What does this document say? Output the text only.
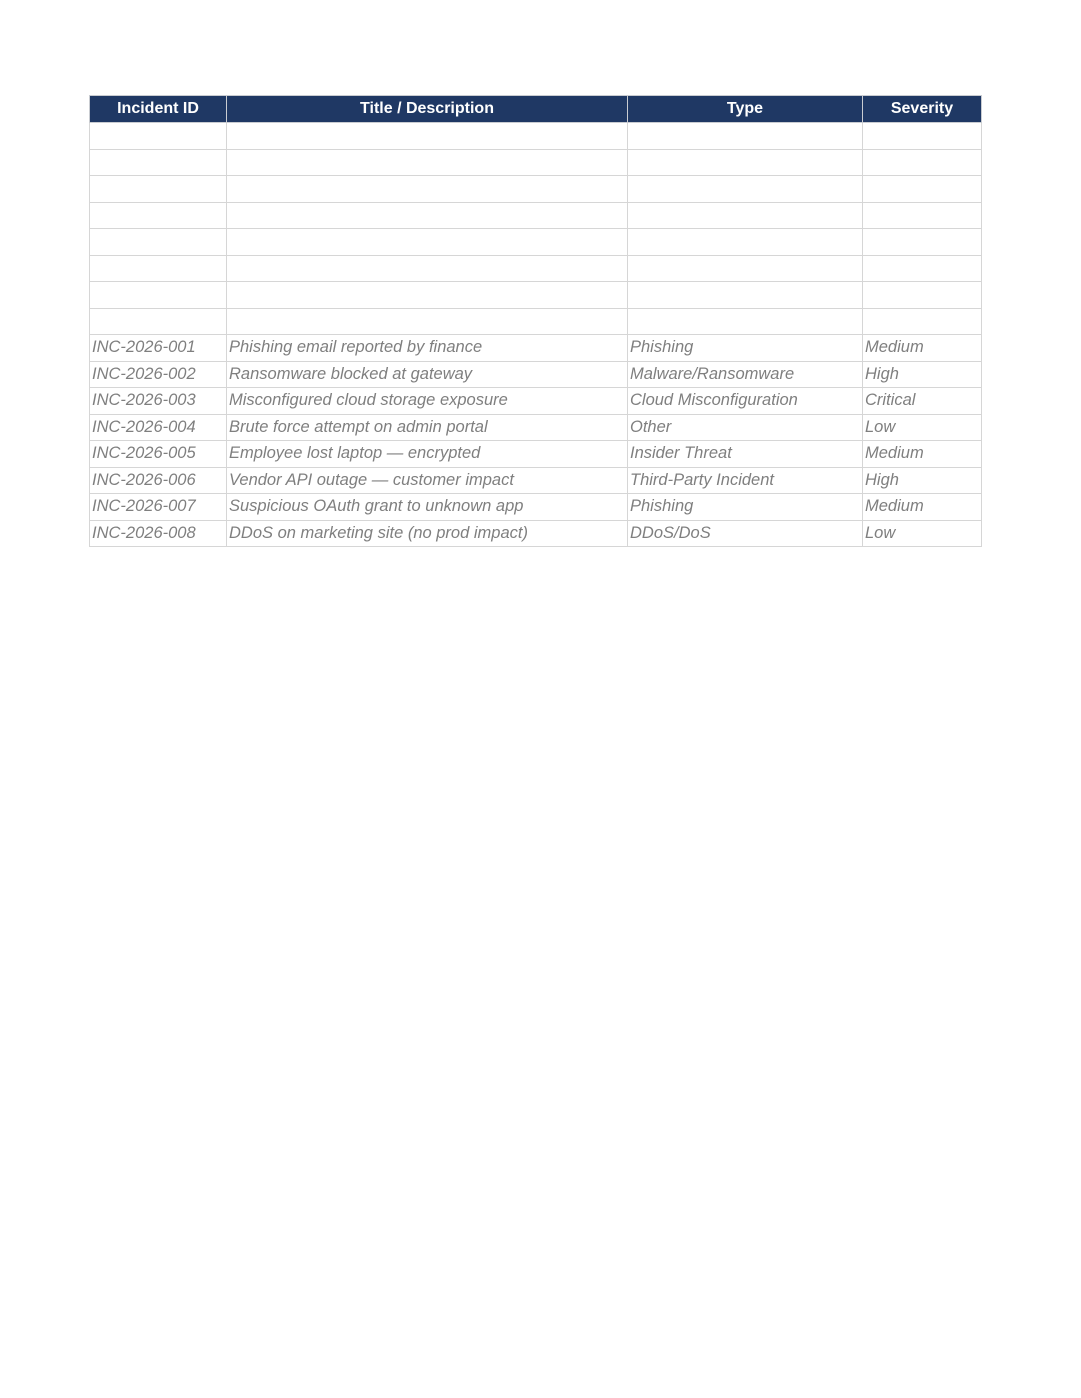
Incident ID	Title / Description	Type	Severity

INC-2026-001	Phishing email reported by finance	Phishing	Medium
INC-2026-002	Ransomware blocked at gateway	Malware/Ransomware	High
INC-2026-003	Misconfigured cloud storage exposure	Cloud Misconfiguration	Critical
INC-2026-004	Brute force attempt on admin portal	Other	Low
INC-2026-005	Employee lost laptop — encrypted	Insider Threat	Medium
INC-2026-006	Vendor API outage — customer impact	Third-Party Incident	High
INC-2026-007	Suspicious OAuth grant to unknown app	Phishing	Medium
INC-2026-008	DDoS on marketing site (no prod impact)	DDoS/DoS	Low
